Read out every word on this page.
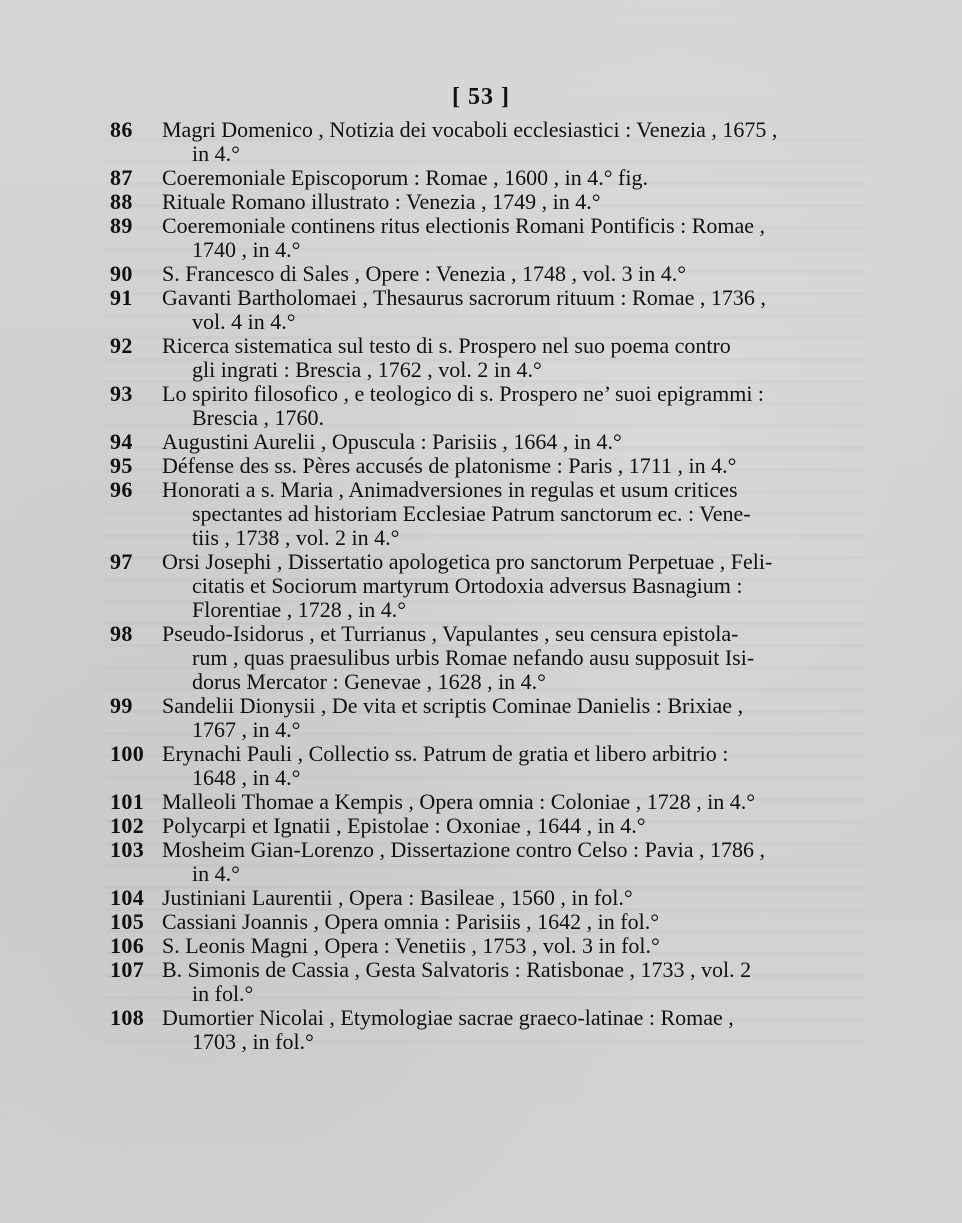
[ 53 ]
86	Magri Domenico , Notizia dei vocaboli ecclesiastici : Venezia , 1675 ,
in 4.°
87	Coeremoniale Episcoporum : Romae , 1600 , in 4.° fig.
88	Rituale Romano illustrato : Venezia , 1749 , in 4.°
89	Coeremoniale continens ritus electionis Romani Pontificis : Romae ,
1740 , in 4.°
90	S. Francesco di Sales , Opere : Venezia , 1748 , vol. 3 in 4.°
91	Gavanti Bartholomaei , Thesaurus sacrorum rituum : Romae , 1736 ,
vol. 4 in 4.°
92	Ricerca sistematica sul testo di s. Prospero nel suo poema contro
gli ingrati : Brescia , 1762 , vol. 2 in 4.°
93	Lo spirito filosofico , e teologico di s. Prospero ne’ suoi epigrammi :
Brescia , 1760.
94	Augustini Aurelii , Opuscula : Parisiis , 1664 , in 4.°
95	Défense des ss. Pères accusés de platonisme : Paris , 1711 , in 4.°
96	Honorati a s. Maria , Animadversiones in regulas et usum critices
spectantes ad historiam Ecclesiae Patrum sanctorum ec. : Vene-
tiis , 1738 , vol. 2 in 4.°
97	Orsi Josephi , Dissertatio apologetica pro sanctorum Perpetuae , Feli-
citatis et Sociorum martyrum Ortodoxia adversus Basnagium :
Florentiae , 1728 , in 4.°
98	Pseudo-Isidorus , et Turrianus , Vapulantes , seu censura epistola-
rum , quas praesulibus urbis Romae nefando ausu supposuit Isi-
dorus Mercator : Genevae , 1628 , in 4.°
99	Sandelii Dionysii , De vita et scriptis Cominae Danielis : Brixiae ,
1767 , in 4.°
100 Erynachi Pauli , Collectio ss. Patrum de gratia et libero arbitrio :
1648 , in 4.°
101 Malleoli Thomae a Kempis , Opera omnia : Coloniae , 1728 , in 4.°
102 Polycarpi et Ignatii , Epistolae : Oxoniae , 1644 , in 4.°
103 Mosheim Gian-Lorenzo , Dissertazione contro Celso : Pavia , 1786 ,
in 4.°
104 Justiniani Laurentii , Opera : Basileae , 1560 , in fol.°
105 Cassiani Joannis , Opera omnia : Parisiis , 1642 , in fol.°
106 S. Leonis Magni , Opera : Venetiis , 1753 , vol. 3 in fol.°
107 B. Simonis de Cassia , Gesta Salvatoris : Ratisbonae , 1733 , vol. 2
in fol.°
108 Dumortier Nicolai , Etymologiae sacrae graeco-latinae : Romae ,
1703 , in fol.°
